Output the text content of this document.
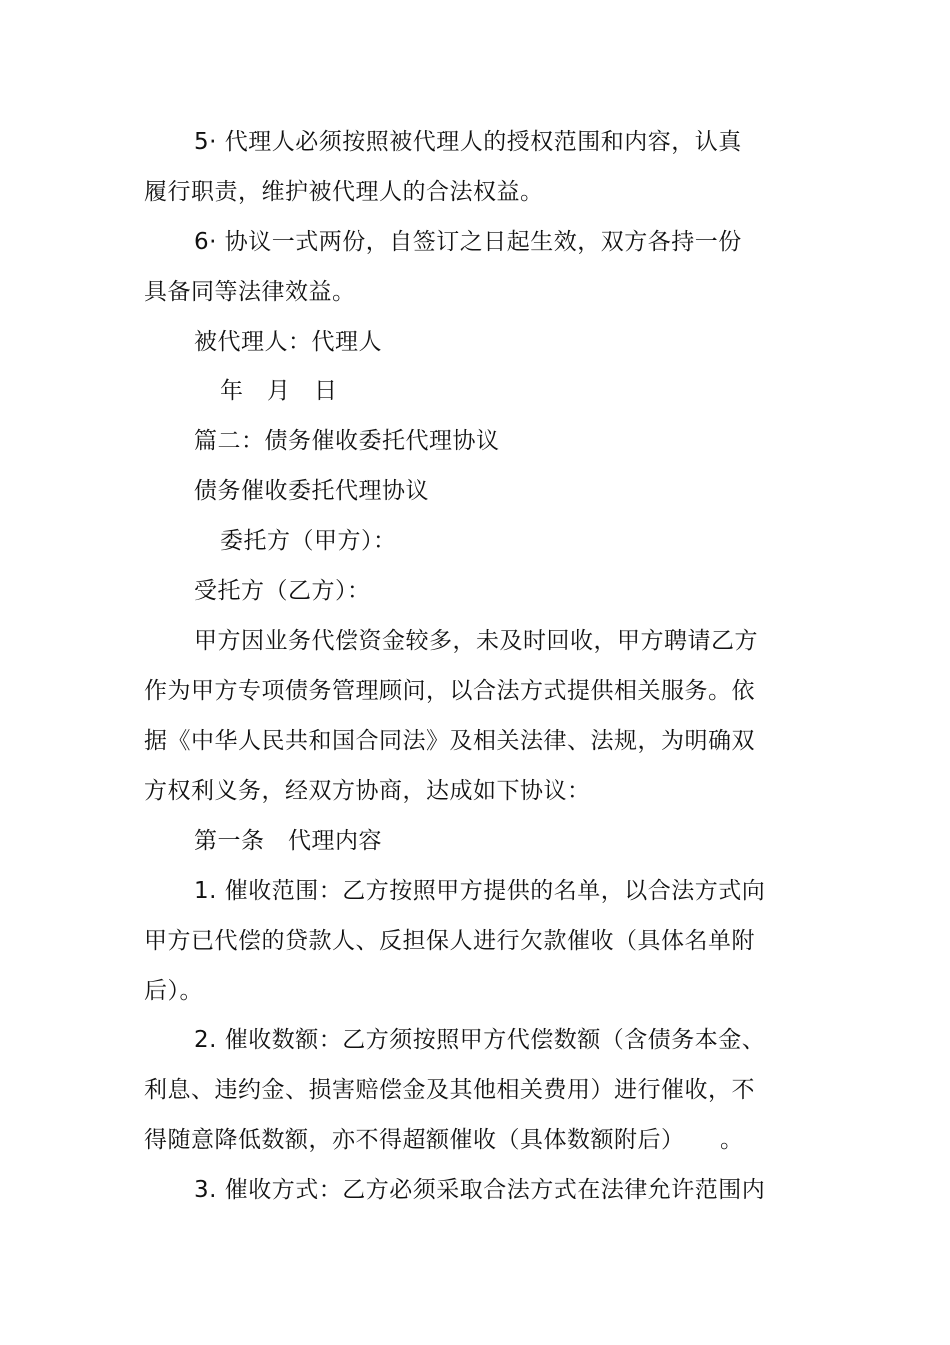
5· 代理人必须按照被代理人的授权范围和内容，认真
履行职责，维护被代理人的合法权益。
6· 协议一式两份，自签订之日起生效，双方各持一份
具备同等法律效益。
被代理人：代理人
年　月　日
篇二：债务催收委托代理协议
债务催收委托代理协议
委托方（甲方）：
受托方（乙方）：
甲方因业务代偿资金较多，未及时回收，甲方聘请乙方
作为甲方专项债务管理顾问，以合法方式提供相关服务。依
据《中华人民共和国合同法》及相关法律、法规，为明确双
方权利义务，经双方协商，达成如下协议：
第一条　代理内容
1. 催收范围：乙方按照甲方提供的名单，以合法方式向
甲方已代偿的贷款人、反担保人进行欠款催收（具体名单附
后）。
2. 催收数额：乙方须按照甲方代偿数额（含债务本金、
利息、违约金、损害赔偿金及其他相关费用）进行催收，不
得随意降低数额，亦不得超额催收（具体数额附后）　　。
3. 催收方式：乙方必须采取合法方式在法律允许范围内
